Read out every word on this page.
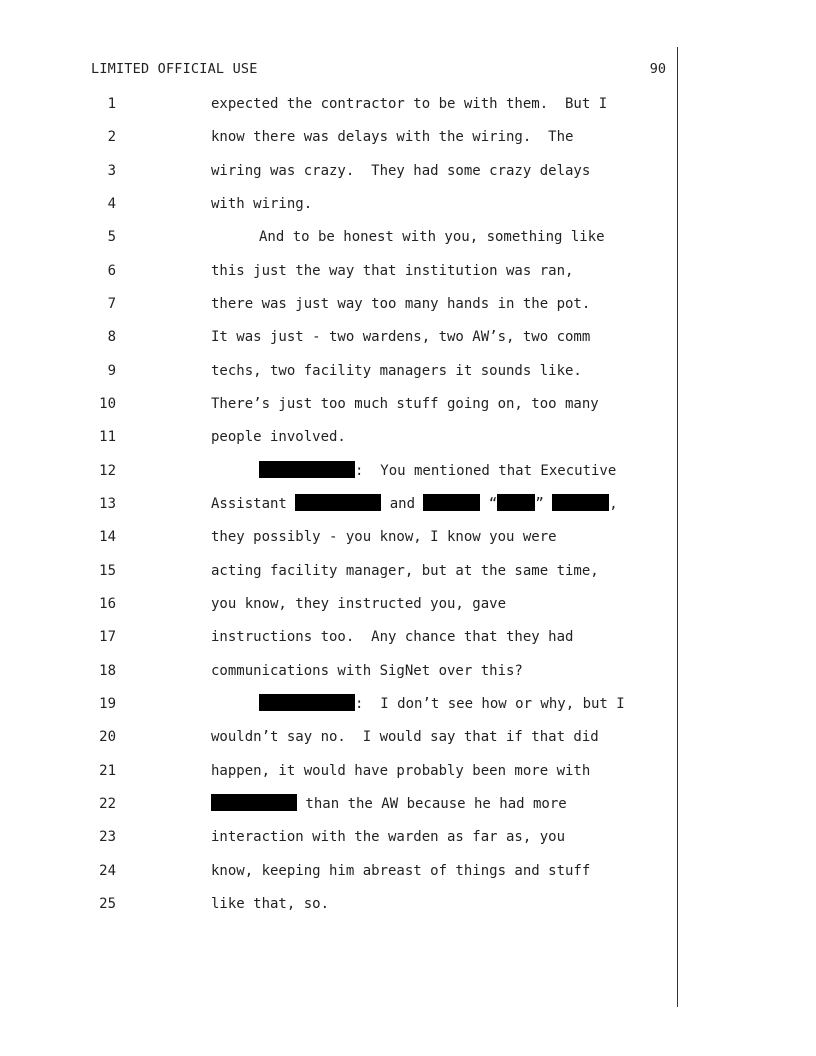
LIMITED OFFICIAL USE	90
1	expected the contractor to be with them.  But I
2	know there was delays with the wiring.  The
3	wiring was crazy.  They had some crazy delays
4	with wiring.
5	And to be honest with you, something like
6	this just the way that institution was ran,
7	there was just way too many hands in the pot.
8	It was just - two wardens, two AW’s, two comm
9	techs, two facility managers it sounds like.
10	There’s just too much stuff going on, too many
11	people involved.
12	:  You mentioned that Executive
13	Assistant	and	“	”	,
14	they possibly - you know, I know you were
15	acting facility manager, but at the same time,
16	you know, they instructed you, gave
17	instructions too.  Any chance that they had
18	communications with SigNet over this?
19	:  I don’t see how or why, but I
20	wouldn’t say no.  I would say that if that did
21	happen, it would have probably been more with
22	than the AW because he had more
23	interaction with the warden as far as, you
24	know, keeping him abreast of things and stuff
25	like that, so.
